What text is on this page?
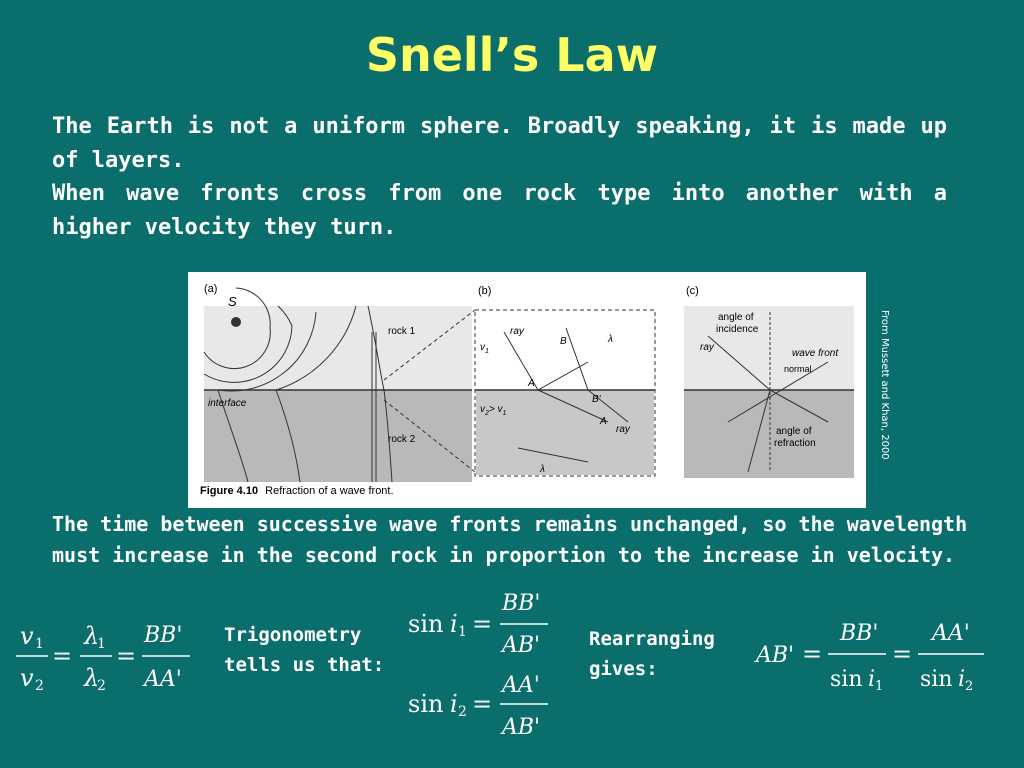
Snell’s Law
The Earth is not a uniform sphere. Broadly speaking, it is made up of layers.
When wave fronts cross from one rock type into another with a higher velocity they turn.
(a)
S
rock 1
rock 2
interface
(b)
$v_1$
$v_2> v_1$
ray
B
A
B'
A
ray
λ
λ
(c)
angle of
incidence
ray
wave front
normal
angle of
refraction
Figure 4.10 Refraction of a wave front.
From Mussett and Khan, 2000
The time between successive wave fronts remains unchanged, so the wavelength must increase in the second rock in proportion to the increase in velocity.
v 1
v 2
=
λ
1
λ
2
=
BB'
AA'
Trigonometry tells us that:
sin i 1 =
BB'
AB'
sin i 2 =
AA'
AB'
Rearranging gives:
AB' =
BB'
sin i 1
=
AA'
sin i 2
